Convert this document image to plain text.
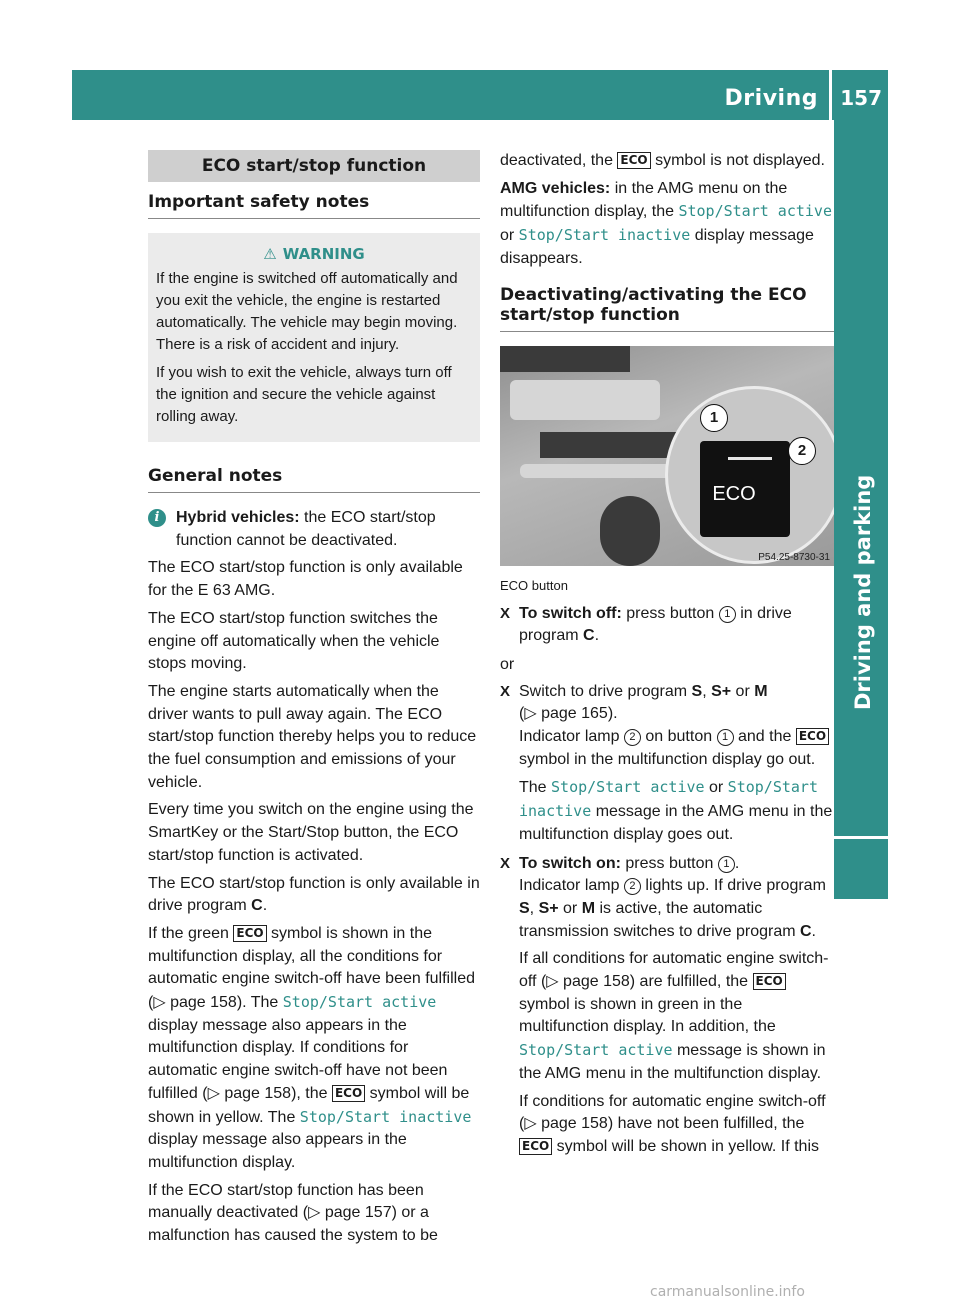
Driving 157
Driving and parking
ECO start/stop function
Important safety notes
⚠ WARNING

If the engine is switched off automatically and you exit the vehicle, the engine is restarted automatically. The vehicle may begin moving. There is a risk of accident and injury.

If you wish to exit the vehicle, always turn off the ignition and secure the vehicle against rolling away.

General notes
i	Hybrid vehicles: the ECO start/stop function cannot be deactivated.

The ECO start/stop function is only available for the E 63 AMG.

The ECO start/stop function switches the engine off automatically when the vehicle stops moving.

The engine starts automatically when the driver wants to pull away again. The ECO start/stop function thereby helps you to reduce the fuel consumption and emissions of your vehicle.

Every time you switch on the engine using the SmartKey or the Start/Stop button, the ECO start/stop function is activated.

The ECO start/stop function is only available in drive program C.

If the green ECO symbol is shown in the multifunction display, all the conditions for automatic engine switch-off have been fulfilled (▷ page 158). The Stop/Start active display message also appears in the multifunction display. If conditions for automatic engine switch-off have not been fulfilled (▷ page 158), the ECO symbol will be shown in yellow. The Stop/Start inactive display message also appears in the multifunction display.

If the ECO start/stop function has been manually deactivated (▷ page 157) or a malfunction has caused the system to be

deactivated, the ECO symbol is not displayed.

AMG vehicles: in the AMG menu on the multifunction display, the Stop/Start active or Stop/Start inactive display message disappears.

Deactivating/activating the ECO start/stop function
ECO
1
2
P54.25-8730-31
ECO button
X To switch off: press button 1 in drive program C.

or
X Switch to drive program S, S+ or M
(▷ page 165).
Indicator lamp 2 on button 1 and the ECO symbol in the multifunction display go out.

The Stop/Start active or Stop/Start inactive message in the AMG menu in the multifunction display goes out.

X To switch on: press button 1 .
Indicator lamp 2 lights up. If drive program S, S+ or M is active, the automatic transmission switches to drive program C.

If all conditions for automatic engine switch-off (▷ page 158) are fulfilled, the ECO symbol is shown in green in the multifunction display. In addition, the Stop/Start active message is shown in the AMG menu in the multifunction display.

If conditions for automatic engine switch-off (▷ page 158) have not been fulfilled, the ECO symbol will be shown in yellow. If this

carmanualsonline.info
